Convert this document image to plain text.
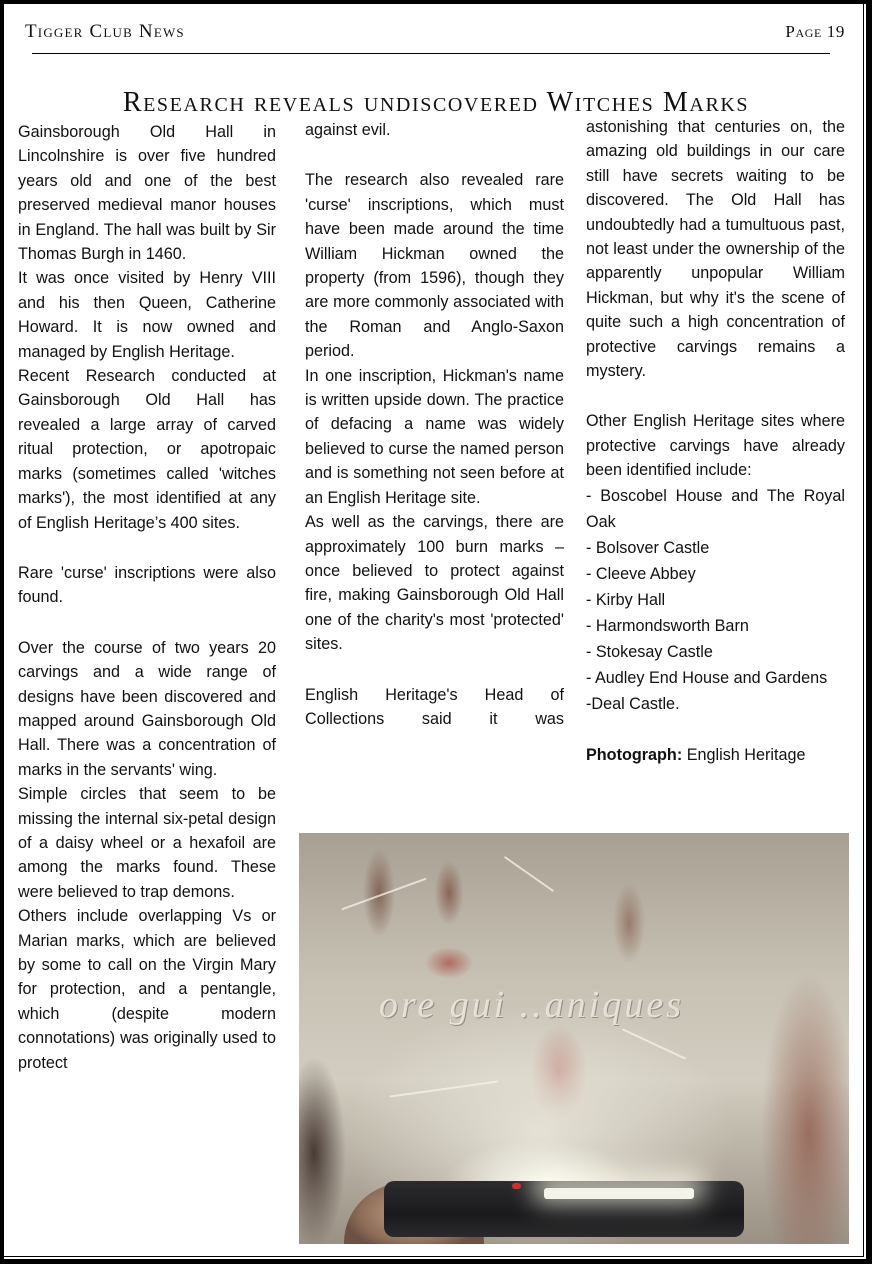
Tigger Club News	Page 19
Research reveals undiscovered Witches Marks

Gainsborough Old Hall in Lincolnshire is over five hundred years old and one of the best preserved medieval manor houses in England. The hall was built by Sir Thomas Burgh in 1460.

It was once visited by Henry VIII and his then Queen, Catherine Howard. It is now owned and managed by English Heritage.

Recent Research conducted at Gainsborough Old Hall has revealed a large array of carved ritual protection, or apotropaic marks (sometimes called 'witches marks'), the most identified at any of English Heritage’s 400 sites.

Rare 'curse' inscriptions were also found.

Over the course of two years 20 carvings and a wide range of designs have been discovered and mapped around Gainsborough Old Hall. There was a concentration of marks in the servants' wing.

Simple circles that seem to be missing the internal six-petal design of a daisy wheel or a hexafoil are among the marks found. These were believed to trap demons.

Others include overlapping Vs or Marian marks, which are believed by some to call on the Virgin Mary for protection, and a pentangle, which (despite modern connotations) was originally used to protect

against evil.

The research also revealed rare 'curse' inscriptions, which must have been made around the time William Hickman owned the property (from 1596), though they are more commonly associated with the Roman and Anglo-Saxon period.

In one inscription, Hickman's name is written upside down. The practice of defacing a name was widely believed to curse the named person and is something not seen before at an English Heritage site.

As well as the carvings, there are approximately 100 burn marks – once believed to protect against fire, making Gainsborough Old Hall one of the charity's most 'protected' sites.

English Heritage's Head of Collections said it was

astonishing that centuries on, the amazing old buildings in our care still have secrets waiting to be discovered. The Old Hall has undoubtedly had a tumultuous past, not least under the ownership of the apparently unpopular William Hickman, but why it's the scene of quite such a high concentration of protective carvings remains a mystery.

Other English Heritage sites where protective carvings have already been identified include:

- Boscobel House and The Royal Oak
- Bolsover Castle
- Cleeve Abbey
- Kirby Hall
- Harmondsworth Barn
- Stokesay Castle
- Audley End House and Gardens
-Deal Castle.

Photograph: English Heritage

ore gui ..aniques
